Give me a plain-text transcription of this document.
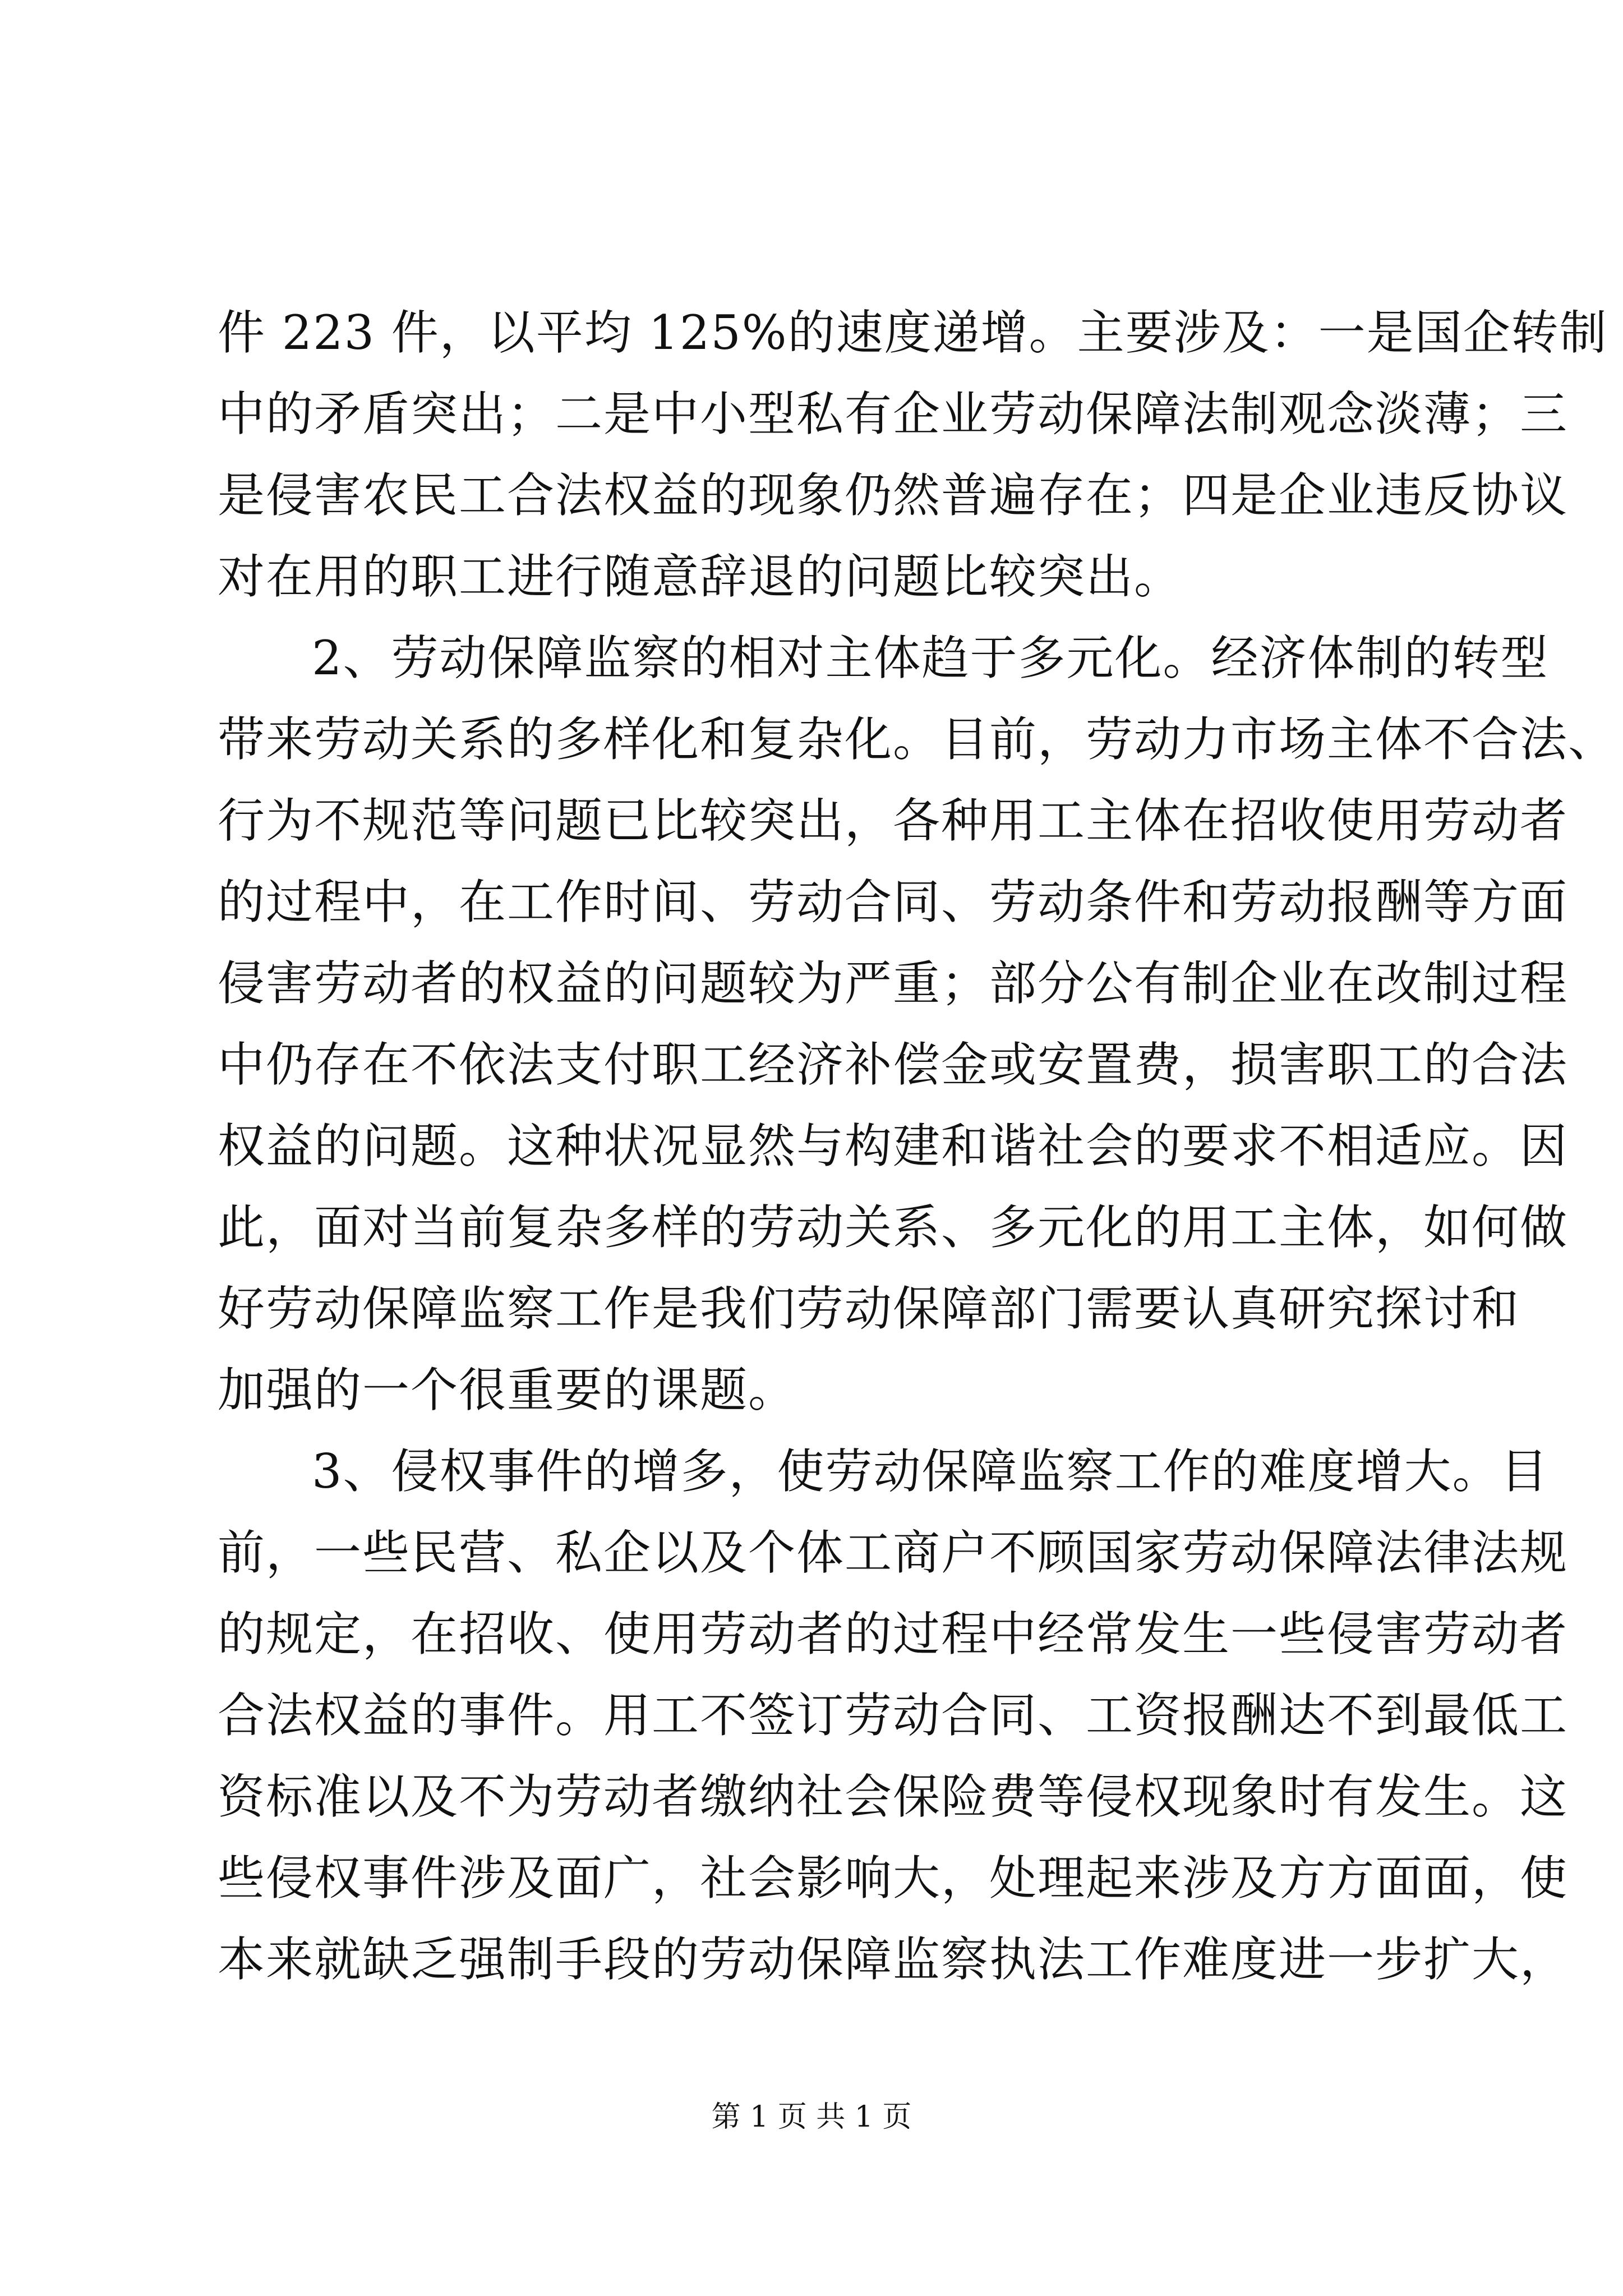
件 223 件，以平均 125%的速度递增。主要涉及：一是国企转制
中的矛盾突出；二是中小型私有企业劳动保障法制观念淡薄；三
是侵害农民工合法权益的现象仍然普遍存在；四是企业违反协议
对在用的职工进行随意辞退的问题比较突出。
2、劳动保障监察的相对主体趋于多元化。经济体制的转型
带来劳动关系的多样化和复杂化。目前，劳动力市场主体不合法、
行为不规范等问题已比较突出，各种用工主体在招收使用劳动者
的过程中，在工作时间、劳动合同、劳动条件和劳动报酬等方面
侵害劳动者的权益的问题较为严重；部分公有制企业在改制过程
中仍存在不依法支付职工经济补偿金或安置费，损害职工的合法
权益的问题。这种状况显然与构建和谐社会的要求不相适应。因
此，面对当前复杂多样的劳动关系、多元化的用工主体，如何做
好劳动保障监察工作是我们劳动保障部门需要认真研究探讨和
加强的一个很重要的课题。
3、侵权事件的增多，使劳动保障监察工作的难度增大。目
前，一些民营、私企以及个体工商户不顾国家劳动保障法律法规
的规定，在招收、使用劳动者的过程中经常发生一些侵害劳动者
合法权益的事件。用工不签订劳动合同、工资报酬达不到最低工
资标准以及不为劳动者缴纳社会保险费等侵权现象时有发生。这
些侵权事件涉及面广，社会影响大，处理起来涉及方方面面，使
本来就缺乏强制手段的劳动保障监察执法工作难度进一步扩大，
第 1 页 共 1 页
